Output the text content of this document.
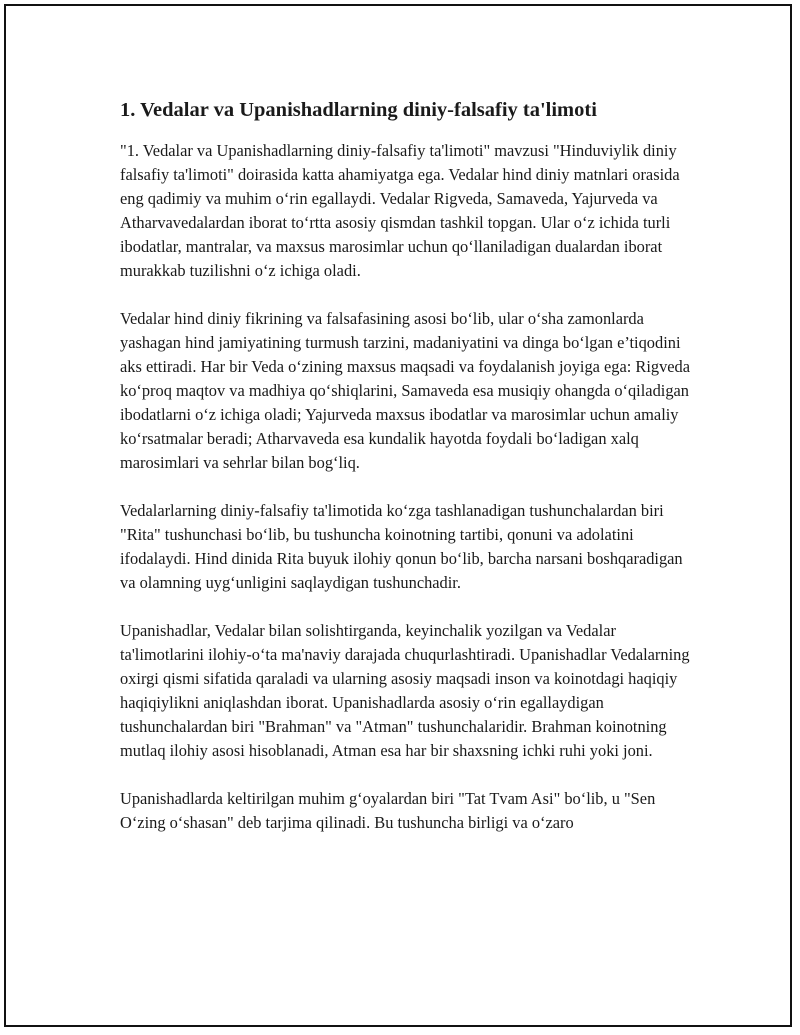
1. Vedalar va Upanishadlarning diniy-falsafiy ta'limoti

"1. Vedalar va Upanishadlarning diniy-falsafiy ta'limoti" mavzusi "Hinduviylik diniy falsafiy ta'limoti" doirasida katta ahamiyatga ega. Vedalar hind diniy matnlari orasida eng qadimiy va muhim o‘rin egallaydi. Vedalar Rigveda, Samaveda, Yajurveda va Atharvavedalardan iborat to‘rtta asosiy qismdan tashkil topgan. Ular o‘z ichida turli ibodatlar, mantralar, va maxsus marosimlar uchun qo‘llaniladigan dualardan iborat murakkab tuzilishni o‘z ichiga oladi.

Vedalar hind diniy fikrining va falsafasining asosi bo‘lib, ular o‘sha zamonlarda yashagan hind jamiyatining turmush tarzini, madaniyatini va dinga bo‘lgan e’tiqodini aks ettiradi. Har bir Veda o‘zining maxsus maqsadi va foydalanish joyiga ega: Rigveda ko‘proq maqtov va madhiya qo‘shiqlarini, Samaveda esa musiqiy ohangda o‘qiladigan ibodatlarni o‘z ichiga oladi; Yajurveda maxsus ibodatlar va marosimlar uchun amaliy ko‘rsatmalar beradi; Atharvaveda esa kundalik hayotda foydali bo‘ladigan xalq marosimlari va sehrlar bilan bog‘liq.

Vedalarlarning diniy-falsafiy ta'limotida ko‘zga tashlanadigan tushunchalardan biri "Rita" tushunchasi bo‘lib, bu tushuncha koinotning tartibi, qonuni va adolatini ifodalaydi. Hind dinida Rita buyuk ilohiy qonun bo‘lib, barcha narsani boshqaradigan va olamning uyg‘unligini saqlaydigan tushunchadir.

Upanishadlar, Vedalar bilan solishtirganda, keyinchalik yozilgan va Vedalar ta'limotlarini ilohiy-o‘ta ma'naviy darajada chuqurlashtiradi. Upanishadlar Vedalarning oxirgi qismi sifatida qaraladi va ularning asosiy maqsadi inson va koinotdagi haqiqiy haqiqiylikni aniqlashdan iborat. Upanishadlarda asosiy o‘rin egallaydigan tushunchalardan biri "Brahman" va "Atman" tushunchalaridir. Brahman koinotning mutlaq ilohiy asosi hisoblanadi, Atman esa har bir shaxsning ichki ruhi yoki joni.

Upanishadlarda keltirilgan muhim g‘oyalardan biri "Tat Tvam Asi" bo‘lib, u "Sen O‘zing o‘shasan" deb tarjima qilinadi. Bu tushuncha birligi va o‘zaro
